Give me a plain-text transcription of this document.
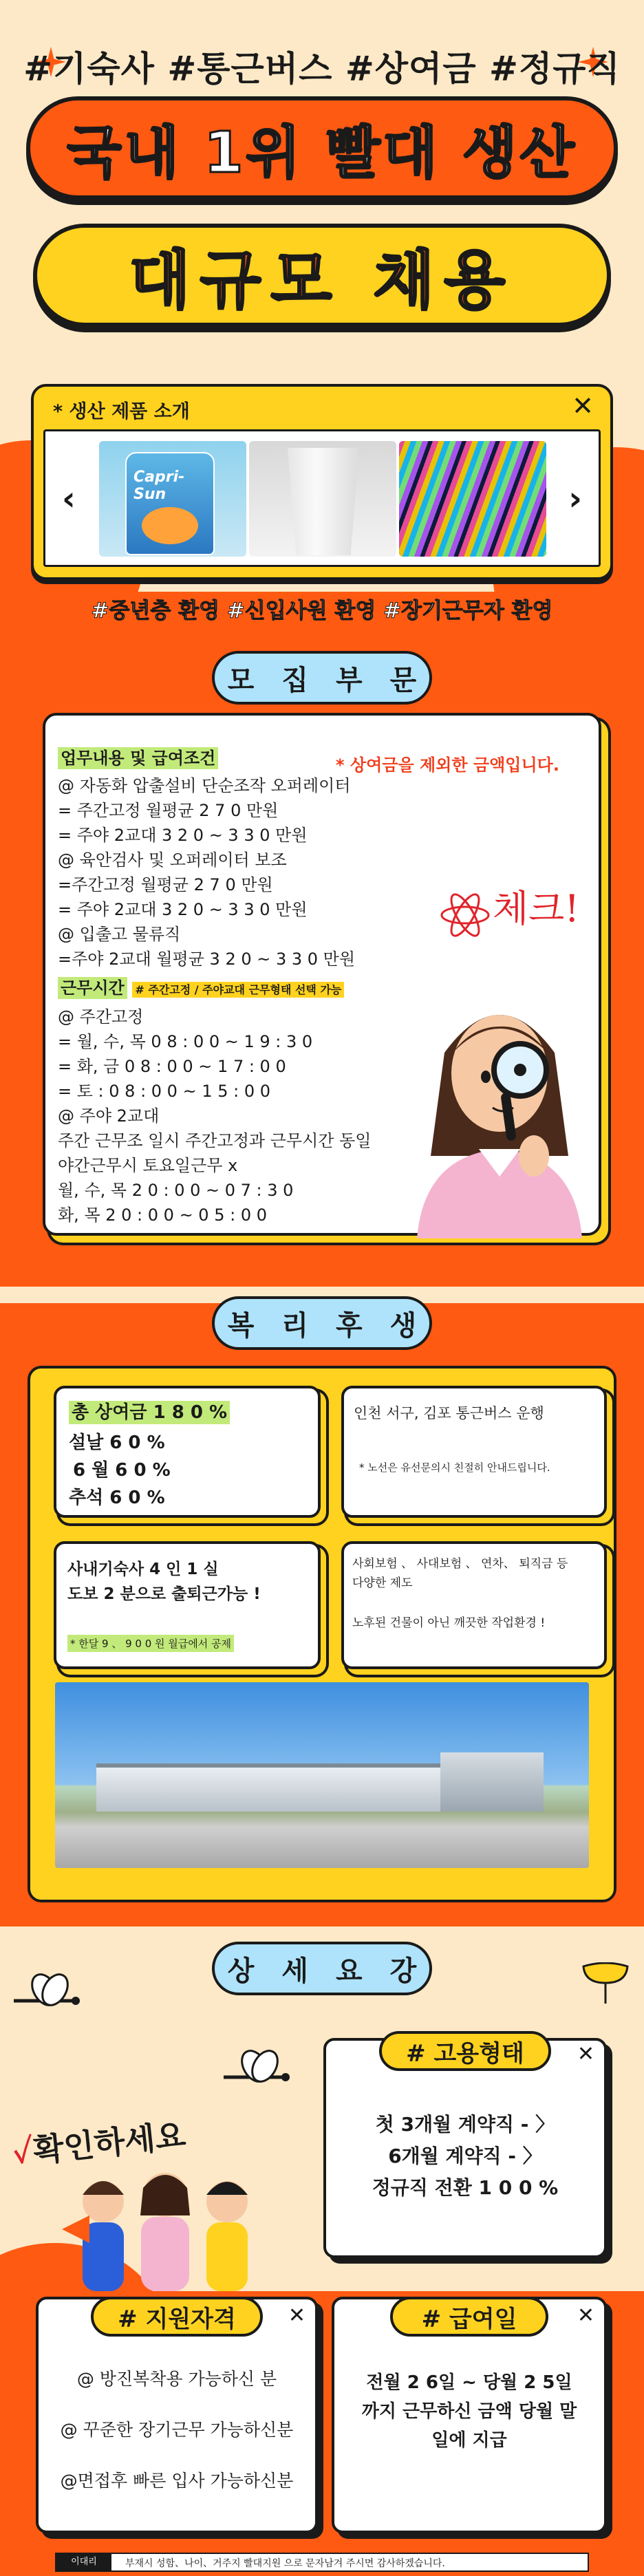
#기숙사 #통근버스 #상여금 #정규직
국내 1위 빨대 생산
대규모 채용
* 생산 제품 소개	✕
‹
Capri-Sun	›
#중년층 환영 #신입사원 환영 #장기근무자 환영
모집부문
업무내용 및 급여조건	* 상여금을 제외한 금액입니다.
@ 자동화 압출설비 단순조작 오퍼레이터
= 주간고정 월평균 2 7 0 만원
= 주야 2교대 3 2 0 ~ 3 3 0 만원
@ 육안검사 및 오퍼레이터 보조
=주간고정 월평균 2 7 0 만원
= 주야 2교대 3 2 0 ~ 3 3 0 만원
@ 입출고 물류직
=주야 2교대 월평균 3 2 0 ~ 3 3 0 만원
근무시간 # 주간고정 / 주야교대 근무형태 선택 가능
@ 주간고정
= 월, 수, 목 0 8 : 0 0 ~ 1 9 : 3 0
= 화, 금 0 8 : 0 0 ~ 1 7 : 0 0
= 토 : 0 8 : 0 0 ~ 1 5 : 0 0
@ 주야 2교대
주간 근무조 일시 주간고정과 근무시간 동일
야간근무시 토요일근무 x
월, 수, 목 2 0 : 0 0 ~ 0 7 : 3 0
화, 목 2 0 : 0 0 ~ 0 5 : 0 0
체크!
복리후생
총 상여금 1 8 0 %
설날 6 0 %
6 월 6 0 %
추석 6 0 %
인천 서구, 김포 통근버스 운행
* 노선은 유선문의시 친절히 안내드립니다.
사내기숙사 4 인 1 실
도보 2 분으로 출퇴근가능 !
* 한달 9 、 9 0 0 원 월급에서 공제
사회보험 、 사대보험 、 연차、 퇴직금 등
다양한 제도
노후된 건물이 아닌 깨끗한 작업환경 !
상세요강
✓확인하세요
# 고용형태	✕
첫 3개월 계약직 - 〉
6개월 계약직 - 〉
정규직 전환 1 0 0 %
# 지원자격	✕
@ 방진복착용 가능하신 분
@ 꾸준한 장기근무 가능하신분
@면접후 빠른 입사 가능하신분
# 급여일	✕
전월 2 6일 ~ 당월 2 5일
까지 근무하신 금액 당월 말
일에 지급
이대리	부재시 성함、나이、거주지 빨대지원 으로 문자남겨 주시면 감사하겠습니다.
